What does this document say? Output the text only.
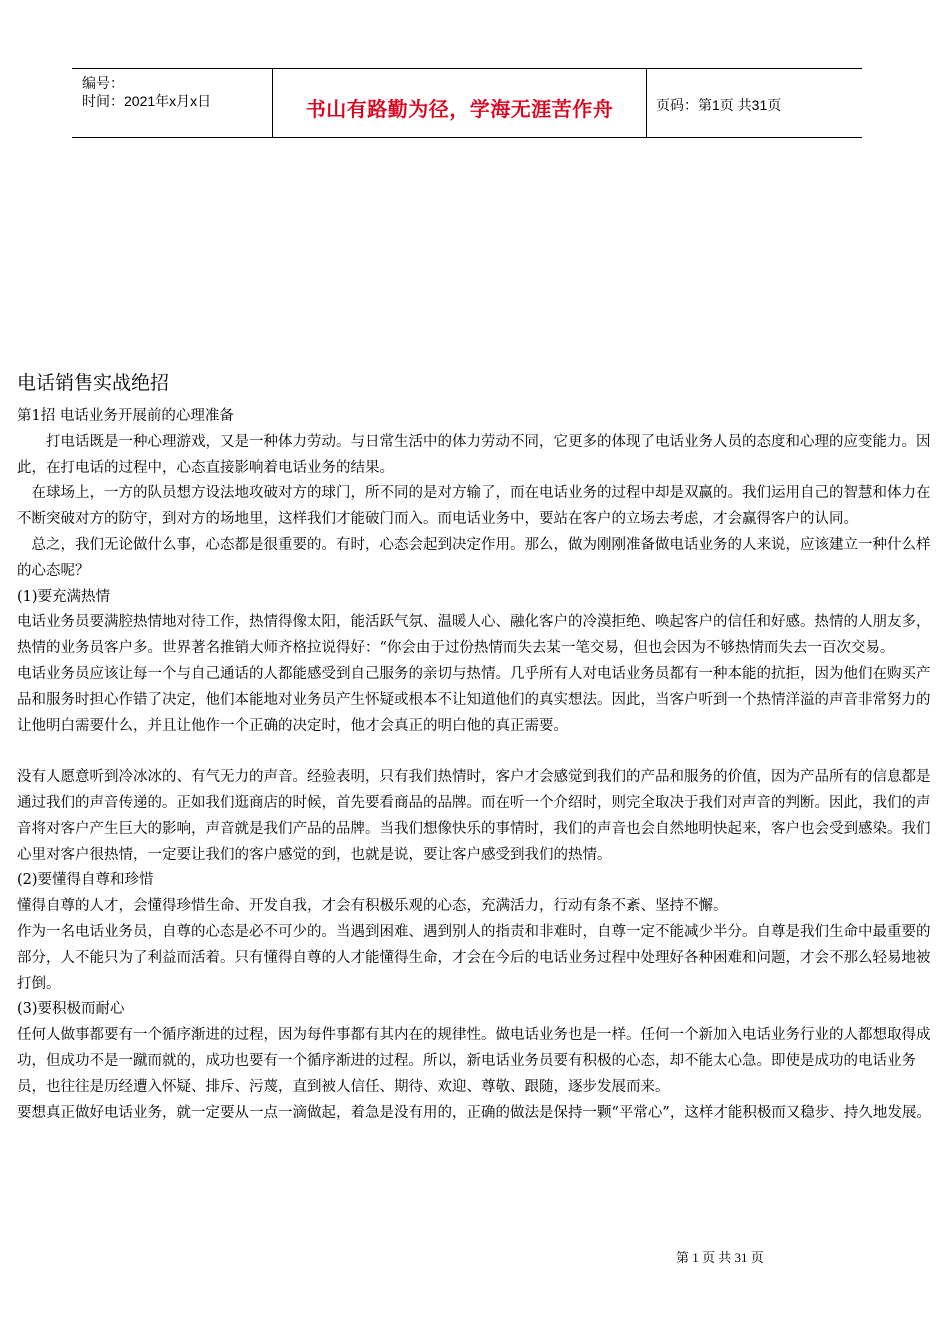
编号：
时间：2021年x月x日	书山有路勤为径，学海无涯苦作舟	页码：第1页 共31页
电话销售实战绝招

第1招 电话业务开展前的心理准备

　　打电话既是一种心理游戏，又是一种体力劳动。与日常生活中的体力劳动不同，它更多的体现了电话业务人员的态度和心理的应变能力。因此，在打电话的过程中，心态直接影响着电话业务的结果。

　在球场上，一方的队员想方设法地攻破对方的球门，所不同的是对方输了，而在电话业务的过程中却是双赢的。我们运用自己的智慧和体力在不断突破对方的防守，到对方的场地里，这样我们才能破门而入。而电话业务中，要站在客户的立场去考虑，才会赢得客户的认同。

　总之，我们无论做什么事，心态都是很重要的。有时，心态会起到决定作用。那么，做为刚刚准备做电话业务的人来说，应该建立一种什么样的心态呢？

(1)要充满热情

电话业务员要满腔热情地对待工作，热情得像太阳，能活跃气氛、温暖人心、融化客户的冷漠拒绝、唤起客户的信任和好感。热情的人朋友多，热情的业务员客户多。世界著名推销大师齐格拉说得好：“你会由于过份热情而失去某一笔交易，但也会因为不够热情而失去一百次交易。

电话业务员应该让每一个与自己通话的人都能感受到自己服务的亲切与热情。几乎所有人对电话业务员都有一种本能的抗拒，因为他们在购买产品和服务时担心作错了决定，他们本能地对业务员产生怀疑或根本不让知道他们的真实想法。因此，当客户听到一个热情洋溢的声音非常努力的让他明白需要什么，并且让他作一个正确的决定时，他才会真正的明白他的真正需要。

没有人愿意听到冷冰冰的、有气无力的声音。经验表明，只有我们热情时，客户才会感觉到我们的产品和服务的价值，因为产品所有的信息都是通过我们的声音传递的。正如我们逛商店的时候，首先要看商品的品牌。而在听一个介绍时，则完全取决于我们对声音的判断。因此，我们的声音将对客户产生巨大的影响，声音就是我们产品的品牌。当我们想像快乐的事情时，我们的声音也会自然地明快起来，客户也会受到感染。我们心里对客户很热情，一定要让我们的客户感觉的到，也就是说，要让客户感受到我们的热情。

(2)要懂得自尊和珍惜

懂得自尊的人才，会懂得珍惜生命、开发自我，才会有积极乐观的心态，充满活力，行动有条不紊、坚持不懈。

作为一名电话业务员，自尊的心态是必不可少的。当遇到困难、遇到别人的指责和非难时，自尊一定不能减少半分。自尊是我们生命中最重要的部分，人不能只为了利益而活着。只有懂得自尊的人才能懂得生命，才会在今后的电话业务过程中处理好各种困难和问题，才会不那么轻易地被打倒。

(3)要积极而耐心

任何人做事都要有一个循序渐进的过程，因为每件事都有其内在的规律性。做电话业务也是一样。任何一个新加入电话业务行业的人都想取得成功，但成功不是一蹴而就的，成功也要有一个循序渐进的过程。所以，新电话业务员要有积极的心态，却不能太心急。即使是成功的电话业务员，也往往是历经遭入怀疑、排斥、污蔑，直到被人信任、期待、欢迎、尊敬、跟随，逐步发展而来。

要想真正做好电话业务，就一定要从一点一滴做起，着急是没有用的，正确的做法是保持一颗“平常心”，这样才能积极而又稳步、持久地发展。

第 1 页 共 31 页
